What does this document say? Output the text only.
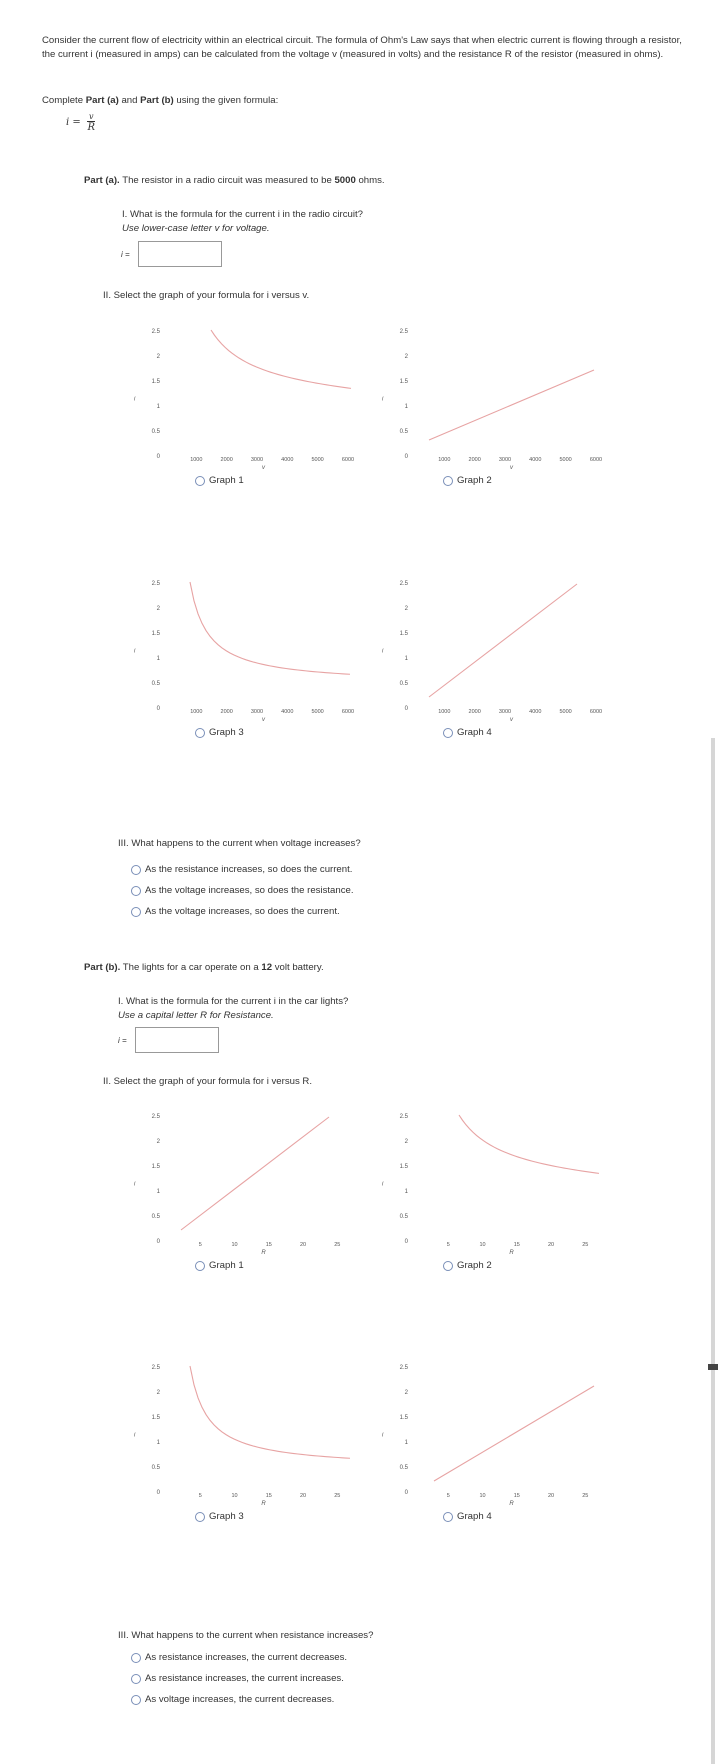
Consider the current flow of electricity within an electrical circuit. The formula of Ohm's Law says that when electric current is flowing through a resistor, the current i (measured in amps) can be calculated from the voltage v (measured in volts) and the resistance R of the resistor (measured in ohms).
Complete Part (a) and Part (b) using the given formula:
$i = \frac{v}{R}$
Part (a). The resistor in a radio circuit was measured to be 5000 ohms.
I. What is the formula for the current i in the radio circuit?
Use lower-case letter v for voltage.
i =
II. Select the graph of your formula for i versus v.
0
0.5
1
1.5
2
2.5
i
1000	2000	3000	4000	5000	6000
v
Graph 1
0
0.5
1
1.5
2
2.5
i
1000	2000	3000	4000	5000	6000
v
Graph 2
0
0.5
1
1.5
2
2.5
i
1000	2000	3000	4000	5000	6000
v
Graph 3
0
0.5
1
1.5
2
2.5
i
1000	2000	3000	4000	5000	6000
v
Graph 4
III. What happens to the current when voltage increases?
As the resistance increases, so does the current.
As the voltage increases, so does the resistance.
As the voltage increases, so does the current.
Part (b). The lights for a car operate on a 12 volt battery.
I. What is the formula for the current i in the car lights?
Use a capital letter R for Resistance.
i =
II. Select the graph of your formula for i versus R.
0
0.5
1
1.5
2
2.5
i
5	10	15	20	25
R
Graph 1
0
0.5
1
1.5
2
2.5
i
5	10	15	20	25
R
Graph 2
0
0.5
1
1.5
2
2.5
i
5	10	15	20	25
R
Graph 3
0
0.5
1
1.5
2
2.5
i
5	10	15	20	25
R
Graph 4
III. What happens to the current when resistance increases?
As resistance increases, the current decreases.
As resistance increases, the current increases.
As voltage increases, the current decreases.
